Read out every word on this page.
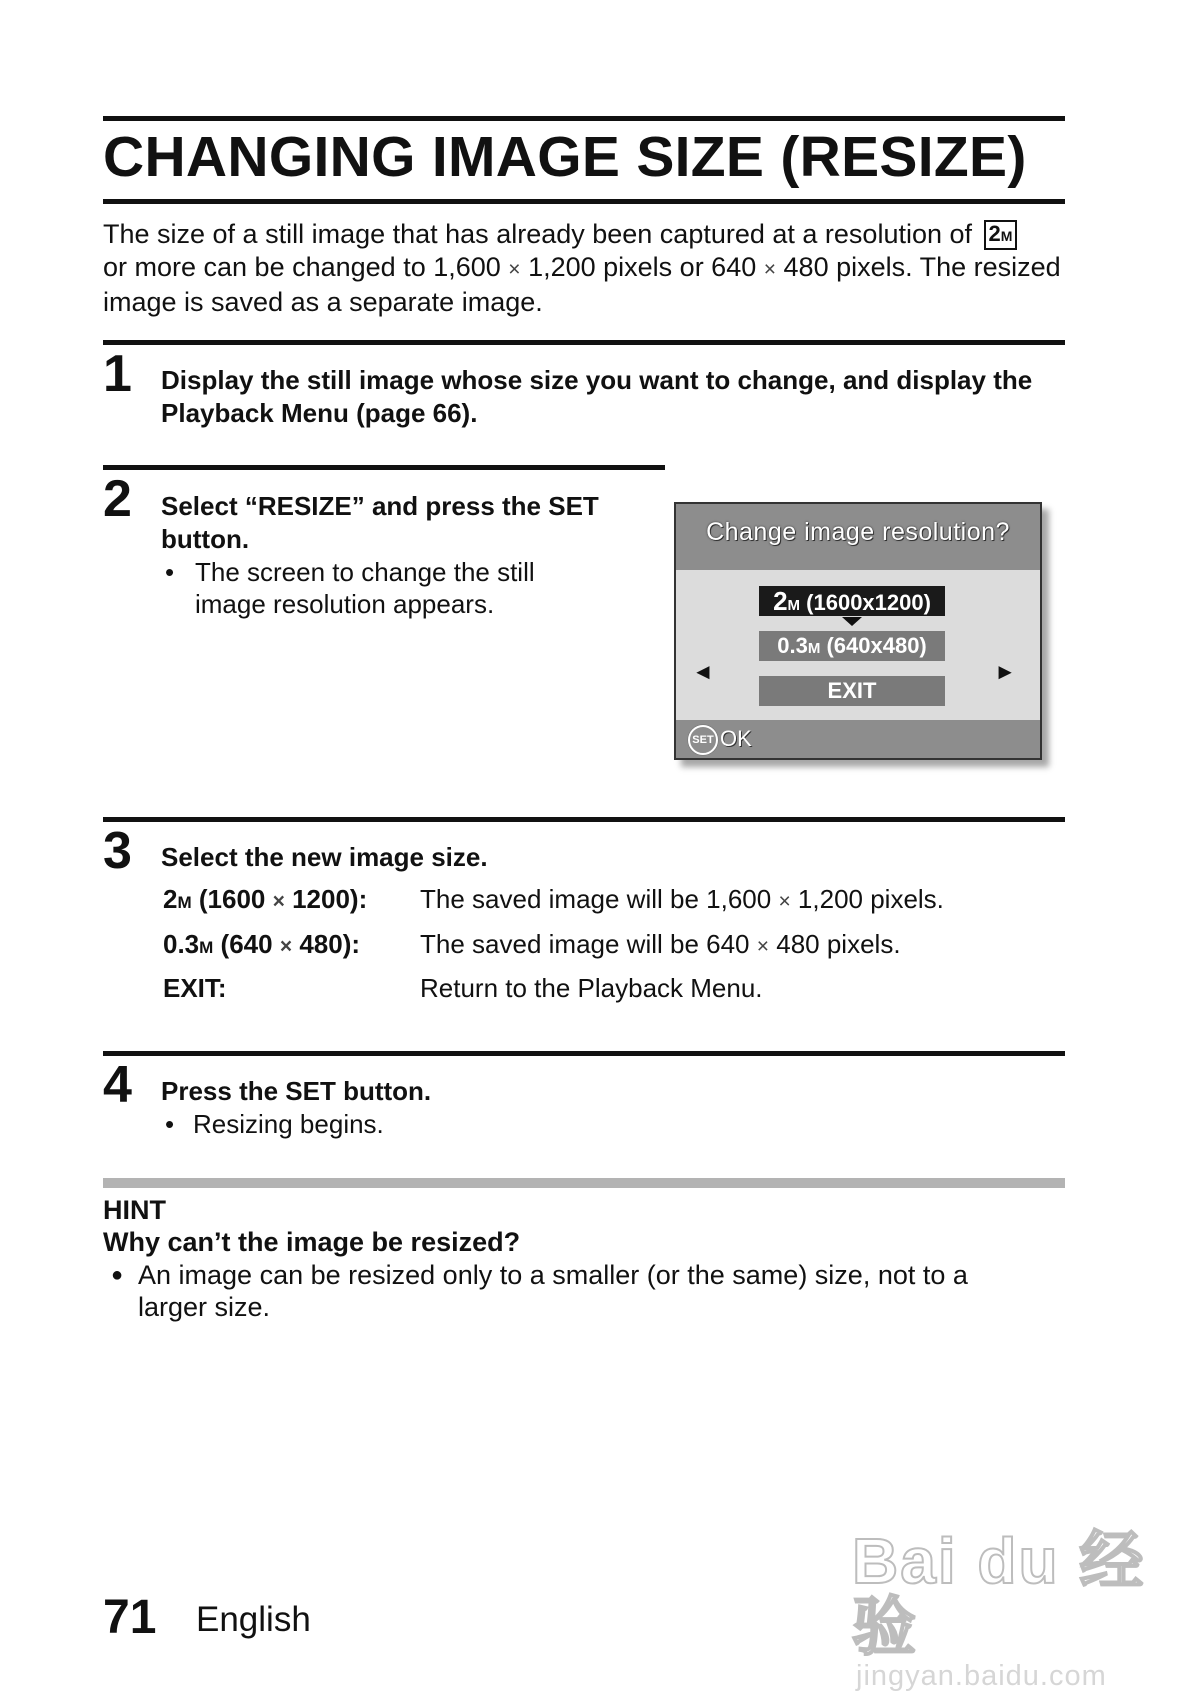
CHANGING IMAGE SIZE (RESIZE)

The size of a still image that has already been captured at a resolution of 2M

or more can be changed to 1,600 × 1,200 pixels or 640 × 480 pixels. The resized image is saved as a separate image.

1 Display the still image whose size you want to change, and display the Playback Menu (page 66).
2 Select “RESIZE” and press the SET button.
• The screen to change the still image resolution appears.
Change image resolution?
2M (1600x1200)
0.3M (640x480)
◄
EXIT
►
SET OK
3 Select the new image size.
2M (1600 × 1200): The saved image will be 1,600 × 1,200 pixels.
0.3M (640 × 480): The saved image will be 640 × 480 pixels.
EXIT:	Return to the Playback Menu.
4 Press the SET button.
• Resizing begins.
HINT
Why can’t the image be resized?
● An image can be resized only to a smaller (or the same) size, not to a larger size.
71 English
Bai du 经验
jingyan.baidu.com
